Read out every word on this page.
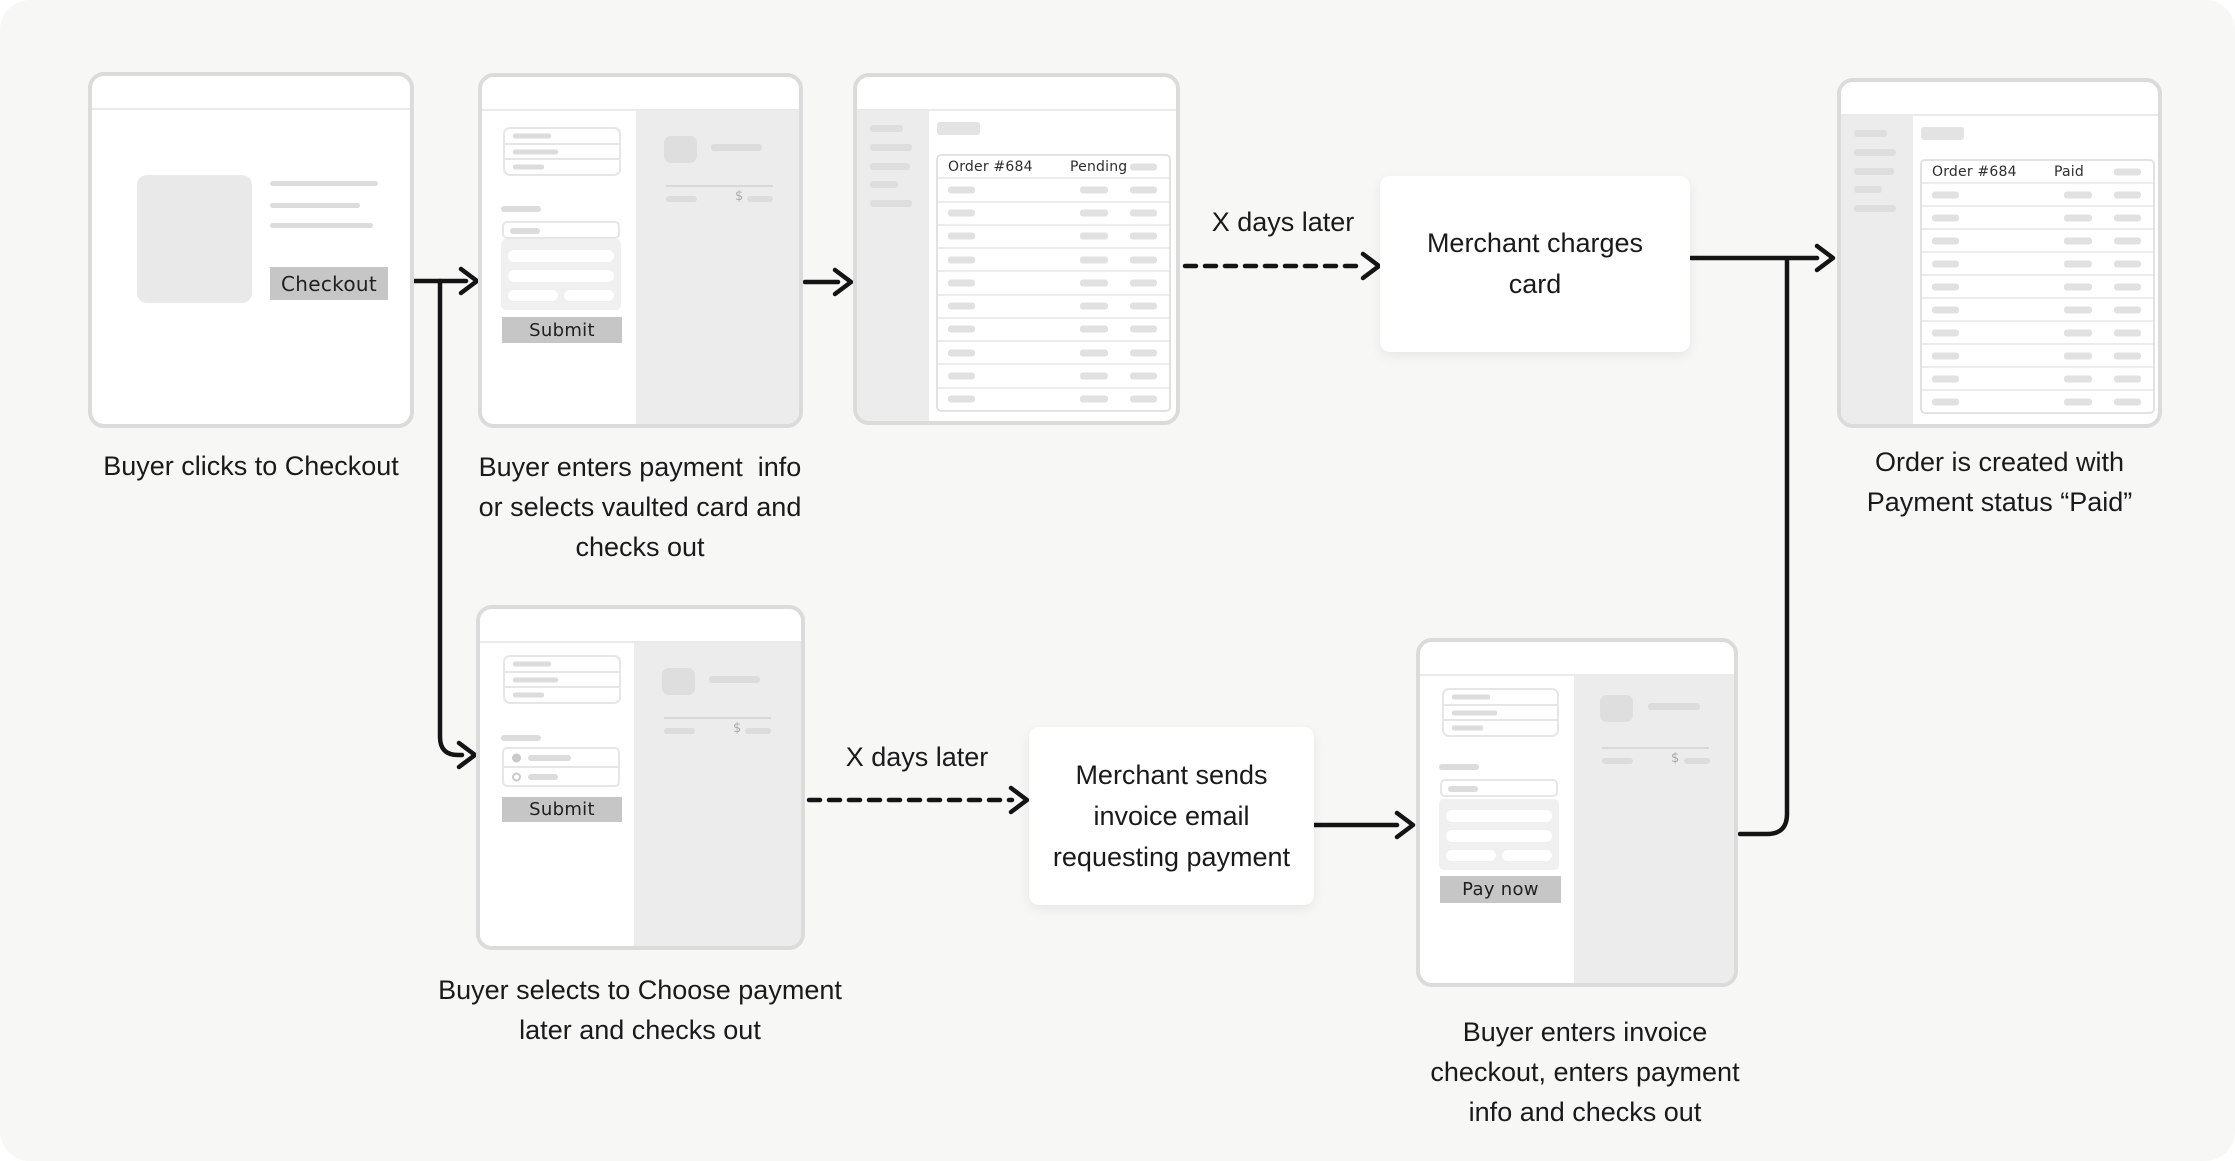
Checkout
Buyer clicks to Checkout
Submit
$
Buyer enters payment  info
or selects vaulted card and
checks out
Order #684	Pending
X days later
Merchant charges
card
Order #684	Paid
Order is created with
Payment status “Paid”
Submit
$
Buyer selects to Choose payment
later and checks out
X days later
Merchant sends
invoice email
requesting payment
Pay now
$
Buyer enters invoice
checkout, enters payment
info and checks out
